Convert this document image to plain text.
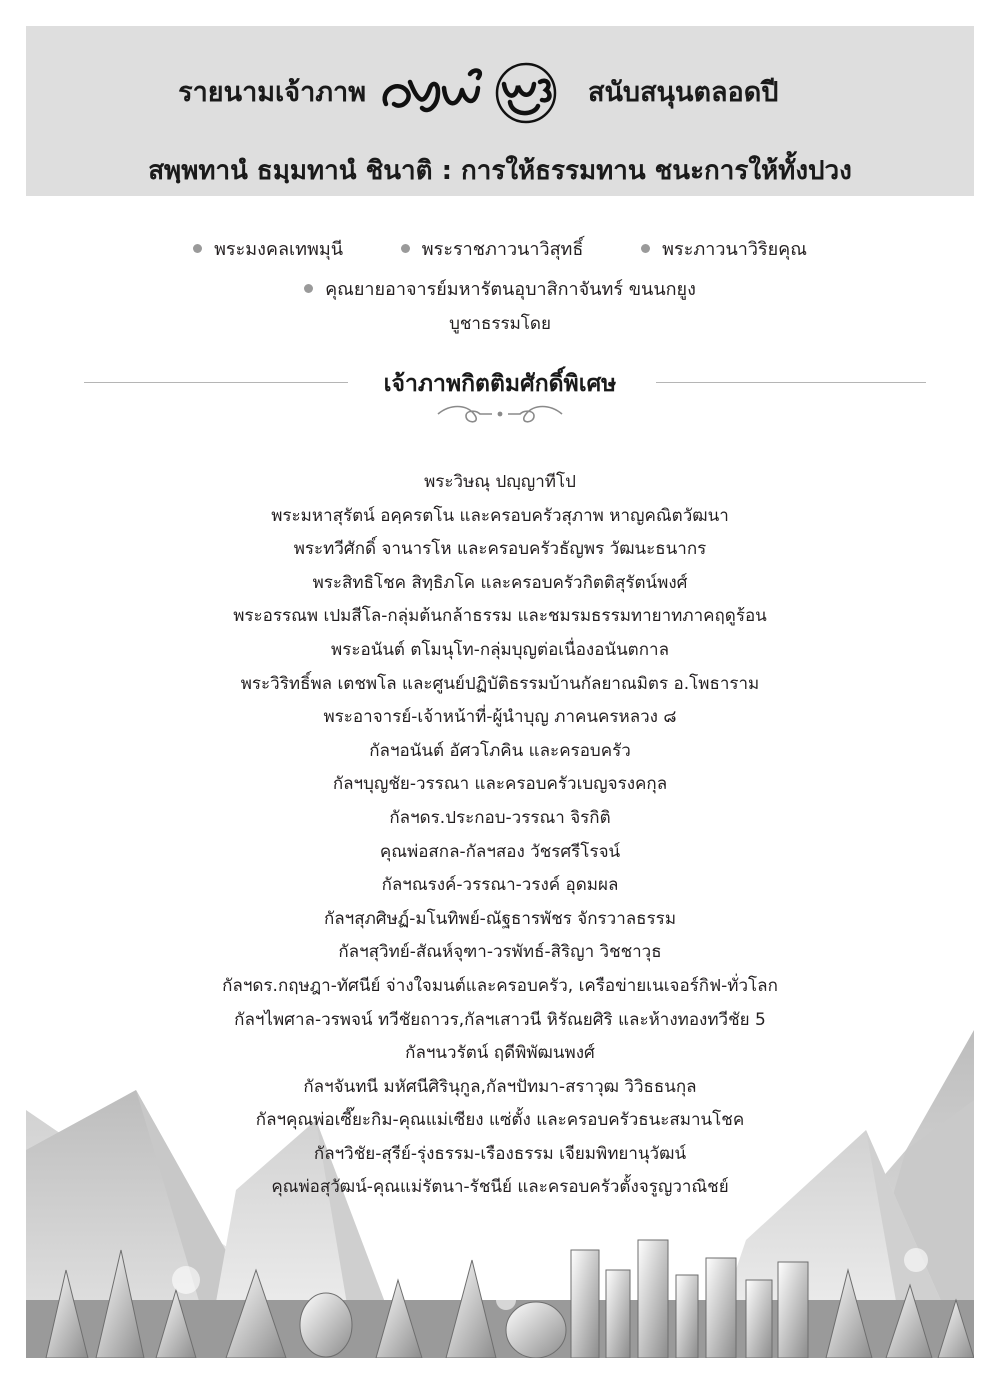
รายนามเจ้าภาพ	สนับสนุนตลอดปี
สพฺพทานํ ธมฺมทานํ ชินาติ : การให้ธรรมทาน ชนะการให้ทั้งปวง
พระมงคลเทพมุนี	พระราชภาวนาวิสุทธิ์	พระภาวนาวิริยคุณ
คุณยายอาจารย์มหารัตนอุบาสิกาจันทร์ ขนนกยูง
บูชาธรรมโดย
เจ้าภาพกิตติมศักดิ์พิเศษ
พระวิษณุ ปญฺญาทีโป
พระมหาสุรัตน์ อคฺครตโน และครอบครัวสุภาพ หาญคณิตวัฒนา
พระทวีศักดิ์ จานารโห และครอบครัวธัญพร วัฒนะธนากร
พระสิทธิโชค สิทฺธิภโค และครอบครัวกิตติสุรัตน์พงศ์
พระอรรณพ เปมสีโล-กลุ่มต้นกล้าธรรม และชมรมธรรมทายาทภาคฤดูร้อน
พระอนันต์ ตโมนุโท-กลุ่มบุญต่อเนื่องอนันตกาล
พระวิริทธิ์พล เตชพโล และศูนย์ปฏิบัติธรรมบ้านกัลยาณมิตร อ.โพธาราม
พระอาจารย์-เจ้าหน้าที่-ผู้นำบุญ ภาคนครหลวง ๘
กัลฯอนันต์ อัศวโภคิน และครอบครัว
กัลฯบุญชัย-วรรณา และครอบครัวเบญจรงคกุล
กัลฯดร.ประกอบ-วรรณา จิรกิติ
คุณพ่อสกล-กัลฯสอง วัชรศรีโรจน์
กัลฯณรงค์-วรรณา-วรงค์ อุดมผล
กัลฯสุภศิษฏ์-มโนทิพย์-ณัฐธารพัชร จักรวาลธรรม
กัลฯสุวิทย์-สัณห์จุฑา-วรพัทธ์-สิริญา วิชชาวุธ
กัลฯดร.กฤษฎา-ทัศนีย์ จ่างใจมนต์และครอบครัว, เครือข่ายเนเจอร์กิฟ-ทั่วโลก
กัลฯไพศาล-วรพจน์ ทวีชัยถาวร,กัลฯเสาวนี หิรัณยศิริ และห้างทองทวีชัย 5
กัลฯนวรัตน์ ฤดีพิพัฒนพงศ์
กัลฯจันทนี มหัศนีศิรินุกูล,กัลฯปัทมา-สราวุฒ วิวิธธนกุล
กัลฯคุณพ่อเซี๊ยะกิม-คุณแม่เซียง แซ่ตั้ง และครอบครัวธนะสมานโชค
กัลฯวิชัย-สุรีย์-รุ่งธรรม-เรืองธรรม เจียมพิทยานุวัฒน์
คุณพ่อสุวัฒน์-คุณแม่รัตนา-รัชนีย์ และครอบครัวตั้งจรูญวาณิชย์
